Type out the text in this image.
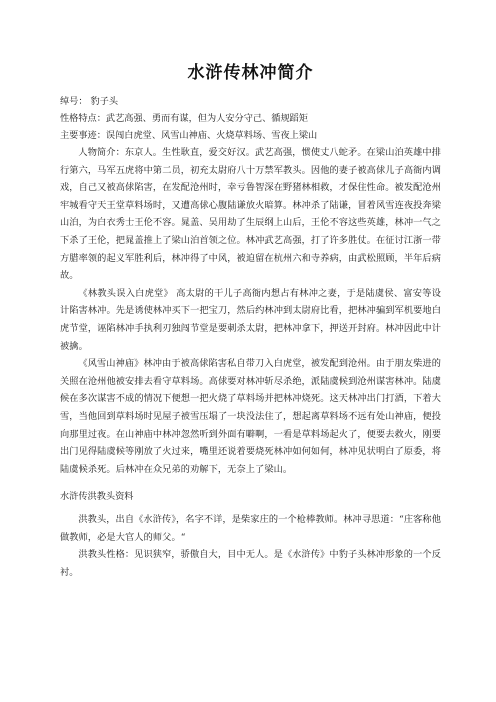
水浒传林冲简介

绰号： 豹子头

性格特点：武艺高强、勇而有谋，但为人安分守己、循规蹈矩

主要事迹：误闯白虎堂、风雪山神庙、火烧草料场、雪夜上梁山

人物简介：东京人。生性耿直，爱交好汉。武艺高强，惯使丈八蛇矛。在梁山泊英雄中排行第六，马军五虎将中第二员，初充太尉府八十万禁军教头。因他的妻子被高俅儿子高衙内调戏，自己又被高俅陷害，在发配沧州时，幸亏鲁智深在野猪林相救，才保住性命。被发配沧州牢城看守天王堂草料场时，又遭高俅心腹陆谦放火暗算。林冲杀了陆谦，冒着风雪连夜投奔梁山泊，为白衣秀士王伦不容。晁盖、吴用劫了生辰纲上山后，王伦不容这些英雄，林冲一气之下杀了王伦，把晁盖推上了梁山泊首领之位。林冲武艺高强，打了许多胜仗。在征讨江浙一带方腊率领的起义军胜利后，林冲得了中风，被迫留在杭州六和寺养病，由武松照顾，半年后病故。

《林教头误入白虎堂》 高太尉的干儿子高衙内想占有林冲之妻，于是陆虞侯、富安等设计陷害林冲。先是诱使林冲买下一把宝刀，然后约林冲到太尉府比看，把林冲骗到军机要地白虎节堂，诬陷林冲手执利刃独闯节堂是要刺杀太尉，把林冲拿下，押送开封府。林冲因此中计被擒。

《风雪山神庙》林冲由于被高俅陷害私自带刀入白虎堂，被发配到沧州。由于朋友柴进的关照在沧州他被安排去看守草料场。高俅要对林冲斩尽杀绝，派陆虞候到沧州谋害林冲。陆虞候在多次谋害不成的情况下便想一把火烧了草料场并把林冲烧死。这天林冲出门打酒，下着大雪，当他回到草料场时见屋子被雪压塌了一块没法住了，想起离草料场不远有处山神庙，便投向那里过夜。在山神庙中林冲忽然听到外面有噼啊，一看是草料场起火了，便要去救火，刚要出门见得陆虞候等刚放了火过来，嘴里还说着要烧死林冲如何如何，林冲见状明白了原委，将陆虞候杀死。后林冲在众兄弟的劝解下，无奈上了梁山。

水浒传洪教头资料

洪教头，出自《水浒传》，名字不详，是柴家庄的一个枪棒教师。林冲寻思道：“庄客称他做教师，必是大官人的师父。“

洪教头性格：见识狭窄，骄傲自大，目中无人。是《水浒传》中豹子头林冲形象的一个反衬。
